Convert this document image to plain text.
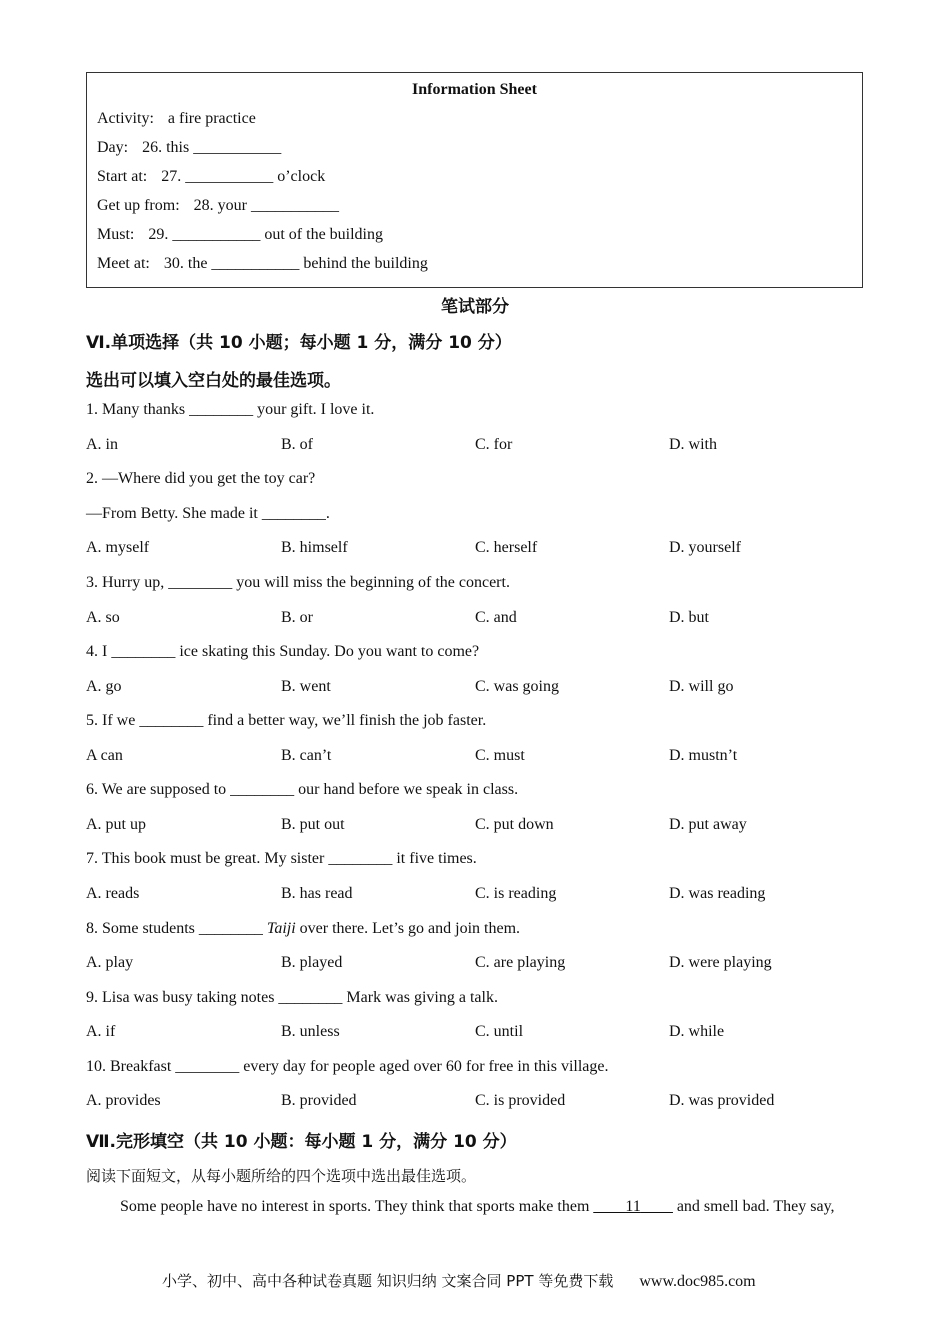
Information Sheet
Activity: a fire practice
Day: 26. this ___________
Start at: 27. ___________ o’clock
Get up from: 28. your ___________
Must: 29. ___________ out of the building
Meet at: 30. the ___________ behind the building
笔试部分
Ⅵ.单项选择（共 10 小题；每小题 1 分，满分 10 分）
选出可以填入空白处的最佳选项。
1. Many thanks ________ your gift. I love it.
A. in	B. of	C. for	D. with
2. —Where did you get the toy car?
—From Betty. She made it ________.
A. myself	B. himself	C. herself	D. yourself
3. Hurry up, ________ you will miss the beginning of the concert.
A. so	B. or	C. and	D. but
4. I ________ ice skating this Sunday. Do you want to come?
A. go	B. went	C. was going	D. will go
5. If we ________ find a better way, we’ll finish the job faster.
A can	B. can’t	C. must	D. mustn’t
6. We are supposed to ________ our hand before we speak in class.
A. put up	B. put out	C. put down	D. put away
7. This book must be great. My sister ________ it five times.
A. reads	B. has read	C. is reading	D. was reading
8. Some students ________ Taiji over there. Let’s go and join them.
A. play	B. played	C. are playing	D. were playing
9. Lisa was busy taking notes ________ Mark was giving a talk.
A. if	B. unless	C. until	D. while
10. Breakfast ________ every day for people aged over 60 for free in this village.
A. provides	B. provided	C. is provided	D. was provided
Ⅶ.完形填空（共 10 小题：每小题 1 分，满分 10 分）
阅读下面短文，从每小题所给的四个选项中选出最佳选项。
Some people have no interest in sports. They think that sports make them ____11____ and smell bad. They say,
小学、初中、高中各种试卷真题 知识归纳 文案合同 PPT 等免费下载 www.doc985.com
